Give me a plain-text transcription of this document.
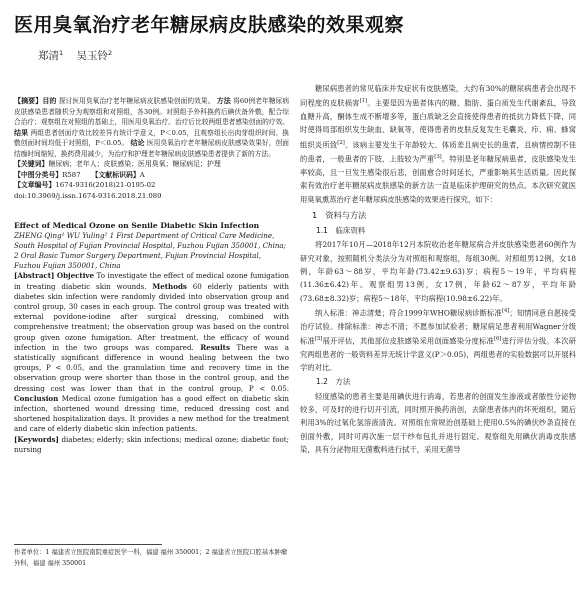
医用臭氧治疗老年糖尿病皮肤感染的效果观察
郑清$^1$ 吴玉铃$^2$
【摘要】目的 探讨医用臭氧治疗老年糖尿病皮肤感染创面的效果。 方法 将60例老年糖尿病皮肤感染患者随机分为观察组和对照组，各30例。对照组予外科换药后碘伏备外敷，配合综合治疗；观察组在对照组的基础上，用医用臭氧治疗。治疗后比较两组患者感染创面的疗效。 结果 两组患者创面疗效比较差异有统计学意义，P＜0.05，且观察组长出肉芽组织时间、换敷创面时间均低于对照组，P＜0.05。 结论 医用臭氧治疗老年糖尿病皮肤感染效果好，创面结痂时间缩短，换药费用减少，为治疗和护理老年糖尿病皮肤感染患者提供了新的方法。
【关键词】糖尿病；老年人；皮肤感染；医用臭氧；糖尿病足；护理
【中图分类号】R587 【文献标识码】A
【文章编号】1674-9316(2018)21-0195-02
doi:10.3969/j.issn.1674-9316.2018.21.089
Effect of Medical Ozone on Senile Diabetic Skin Infection
ZHENG Qing¹ WU Yuling² 1 First Department of Critical Care Medicine, South Hospital of Fujian Provincial Hospital, Fuzhou Fujian 350001, China; 2 Oral Basic Tumor Surgery Department, Fujian Provincial Hospital, Fuzhou Fujian 350001, China
[Abstract] Objective To investigate the effect of medical ozone fumigation in treating diabetic skin wounds. Methods 60 elderly patients with diabetes skin infection were randomly divided into observation group and control group, 30 cases in each group. The control group was treated with external povidone-iodine after surgical dressing, combined with comprehensive treatment; the observation group was based on the control group given ozone fumigation. After treatment, the efficacy of wound infection in the two groups was compared. Results There was a statistically significant difference in wound healing between the two groups, P < 0.05, and the granulation time and recovery time in the observation group were shorter than those in the control group, and the dressing cost was lower than that in the control group, P < 0.05. Conclusion Medical ozone fumigation has a good effect on diabetic skin infection, shortened wound dressing time, reduced dressing cost and shortened hospitalization days. It provides a new method for the treatment and care of elderly diabetic skin infection patients.
[Keywords] diabetes; elderly; skin infections; medical ozone; diabetic foot; nursing
作者单位：1 福建省立医院南院重症医学一科，福建 福州 350001；2 福建省立医院口腔基本肿瘤外科，福建 福州 350001

糖尿病患者的常见临床并发症状有皮肤感染，大约有30%的糖尿病患者会出现不同程度的皮肤损害[1]。主要是因为患者体内的糖、脂肪、蛋白质发生代谢紊乱，导致血糖升高，酮体生成不断增多等，蛋白质缺乏会直接使得患者的抵抗力降低下降，同时使得局部组织发生缺血、缺氧等，使得患者的皮肤反复发生毛囊炎、疖、痈、蜂窝组织炎所致[2]。该病主要发生于年龄较大、体质差且病史长的患者，且病情控制不佳的患者，一般患者的下肢、上肢较为严重[3]。特别是老年糖尿病患者，皮肤感染发生率较高，且一旦发生感染很后悲，创面愈合时间延长，严重影响其生活质量。因此探索有效治疗老年糖尿病皮肤感染的新方法一直是临床护理研究的热点。本次研究就医用臭氧熏蒸治疗老年糖尿病皮肤感染的效果进行探究，如下：

1　资料与方法
1.1　临床资料

将2017年10月—2018年12月本院收治老年糖尿病合并皮肤感染患者60例作为研究对象，按照随机分类法分为对照组和观察组，每组30例。对照组男12例，女18例，年龄63～88岁，平均年龄(73.42±9.63)岁；病程5～19年，平均病程(11.36±6.42)年。观察组男13例，女17例，年龄62～87岁，平均年龄(73.68±8.32)岁；病程5～18年，平均病程(10.98±6.22)年。

纳入标准：神志清楚；符合1999年WHO糖尿病诊断标准[4]；知情同意自愿接受治疗试验。排除标准：神志不清；不愿参加试验者；糖尿病足患者利用Wagner分级标准[5]展开评估，其他部位皮肤感染采用创面感染分度标准[6]进行评估分级。本次研究两组患者的一般资料差异无统计学意义(P＞0.05)，两组患者的实验数据可以开展科学的对比。

1.2　方法

轻度感染的患者主要是用碘伏进行消毒，若患者的创面发生渗液或者脓性分泌物较多，可及时的进行切开引流，同时照开换药消创，去除患者体内的坏死组织，随后利用3%的过氧化氢溶液清洗。对照组在常规治创基础上使用0.5%的碘伏纱条直接在创面外敷，同时可再次施一层干纱布包扎并进行固定。观察组先用碘伏消毒皮肤感染，具有分泌物用无菌敷料进行拭干，采用无菌导
